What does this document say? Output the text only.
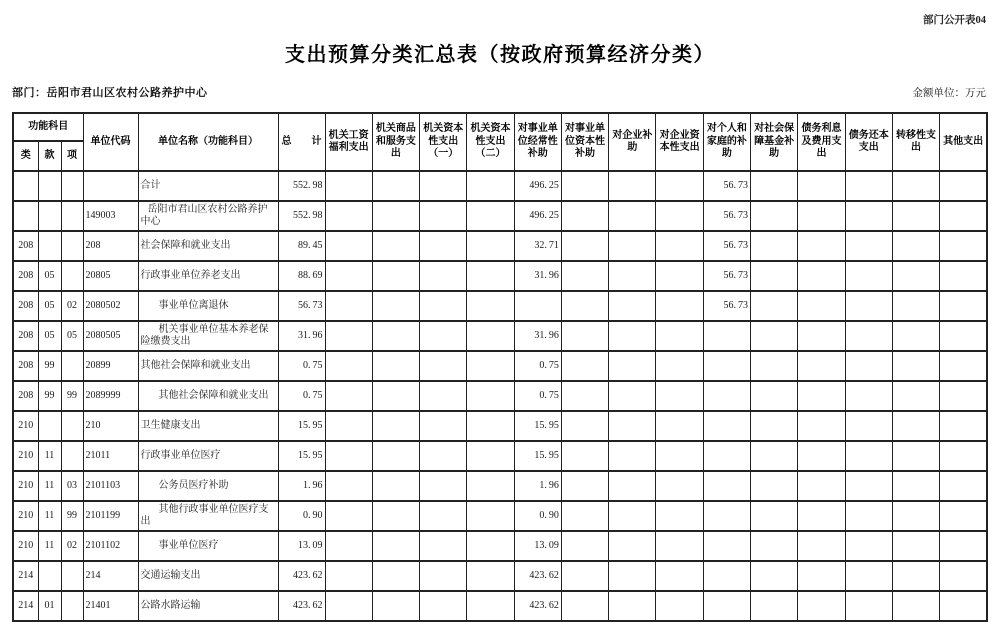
部门公开表04
支出预算分类汇总表（按政府预算经济分类）
部门：岳阳市君山区农村公路养护中心	金额单位：万元
功能科目			单位代码	单位名称（功能科目）	总　　计	机关工资福利支出	机关商品和服务支出	机关资本性支出（一）	机关资本性支出（二）	对事业单位经常性补助	对事业单位资本性补助	对企业补助	对企业资本性支出	对个人和家庭的补助	对社会保障基金补助	债务利息及费用支出	债务还本支出	转移性支出	其他支出
类	款	项																	
				合计	552. 98					496. 25				56. 73					
			149003	岳阳市君山区农村公路养护中心	552. 98					496. 25				56. 73					
208			208	社会保障和就业支出	89. 45					32. 71				56. 73					
208	05		20805	行政事业单位养老支出	88. 69					31. 96				56. 73					
208	05	02	2080502	事业单位离退休	56. 73									56. 73					
208	05	05	2080505	机关事业单位基本养老保险缴费支出	31. 96					31. 96									
208	99		20899	其他社会保障和就业支出	0. 75					0. 75									
208	99	99	2089999	其他社会保障和就业支出	0. 75					0. 75									
210			210	卫生健康支出	15. 95					15. 95									
210	11		21011	行政事业单位医疗	15. 95					15. 95									
210	11	03	2101103	公务员医疗补助	1. 96					1. 96									
210	11	99	2101199	其他行政事业单位医疗支出	0. 90					0. 90									
210	11	02	2101102	事业单位医疗	13. 09					13. 09									
214			214	交通运输支出	423. 62					423. 62									
214	01		21401	公路水路运输	423. 62					423. 62									
